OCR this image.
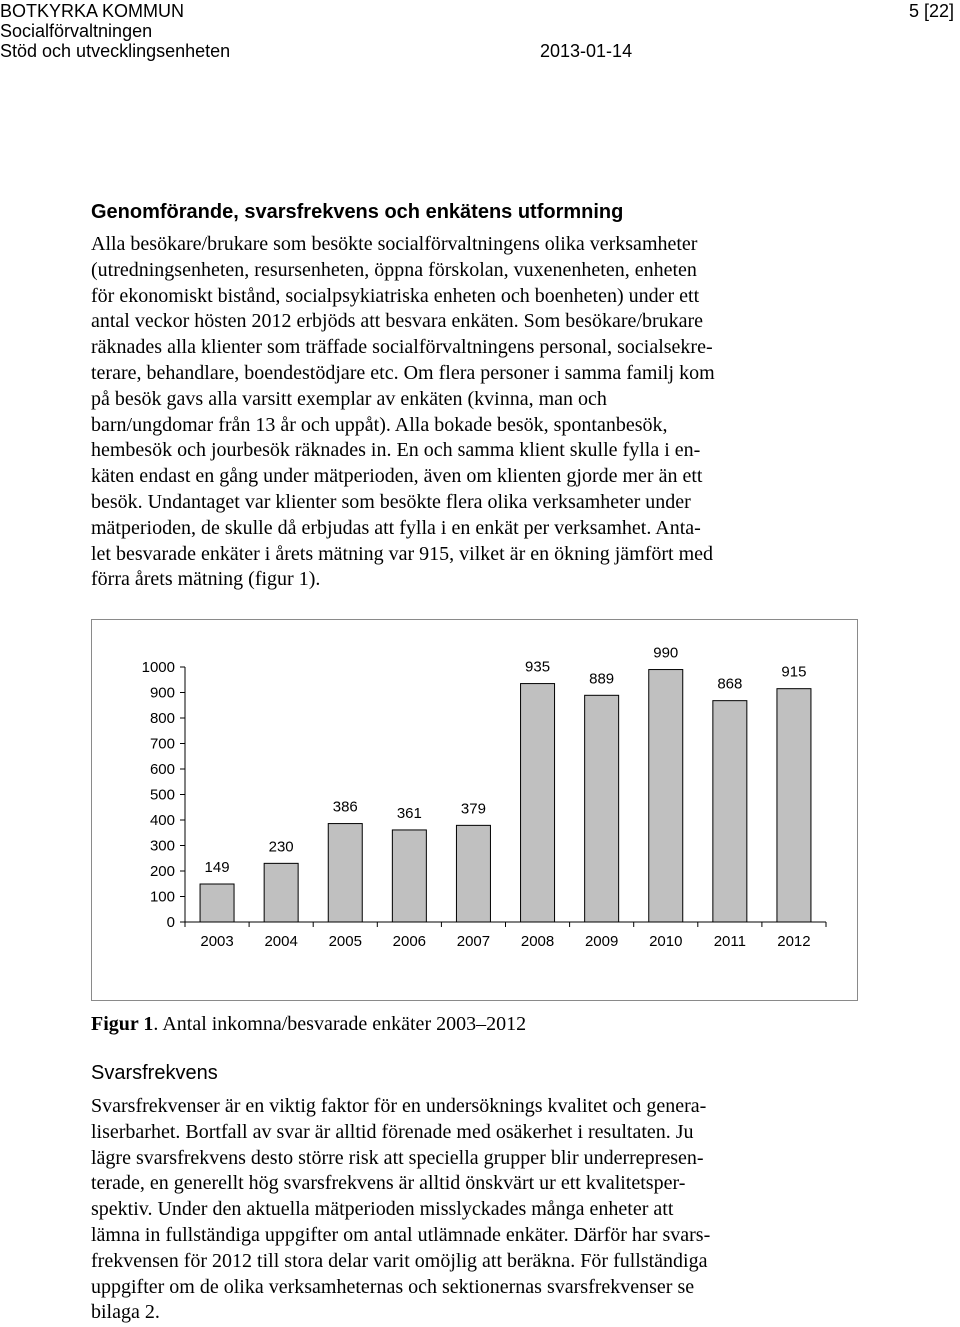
BOTKYRKA KOMMUN
Socialförvaltningen
Stöd och utvecklingsenheten	2013-01-14
5 [22]
Genomförande, svarsfrekvens och enkätens utformning
Alla besökare/brukare som besökte socialförvaltningens olika verksamheter
(utredningsenheten, resursenheten, öppna förskolan, vuxenenheten, enheten
för ekonomiskt bistånd, socialpsykiatriska enheten och boenheten) under ett
antal veckor hösten 2012 erbjöds att besvara enkäten. Som besökare/brukare
räknades alla klienter som träffade socialförvaltningens personal, socialsekre-
terare, behandlare, boendestödjare etc. Om flera personer i samma familj kom
på besök gavs alla varsitt exemplar av enkäten (kvinna, man och
barn/ungdomar från 13 år och uppåt). Alla bokade besök, spontanbesök,
hembesök och jourbesök räknades in. En och samma klient skulle fylla i en-
käten endast en gång under mätperioden, även om klienten gjorde mer än ett
besök. Undantaget var klienter som besökte flera olika verksamheter under
mätperioden, de skulle då erbjudas att fylla i en enkät per verksamhet. Anta-
let besvarade enkäter i årets mätning var 915, vilket är en ökning jämfört med
förra årets mätning (figur 1).
0
100
200
300
400
500
600
700
800
900
1000
149
2003
230
2004
386
2005
361
2006
379
2007
935
2008
889
2009
990
2010
868
2011
915
2012
Figur 1. Antal inkomna/besvarade enkäter 2003–2012
Svarsfrekvens
Svarsfrekvenser är en viktig faktor för en undersöknings kvalitet och genera-
liserbarhet. Bortfall av svar är alltid förenade med osäkerhet i resultaten. Ju
lägre svarsfrekvens desto större risk att speciella grupper blir underrepresen-
terade, en generellt hög svarsfrekvens är alltid önskvärt ur ett kvalitetsper-
spektiv. Under den aktuella mätperioden misslyckades många enheter att
lämna in fullständiga uppgifter om antal utlämnade enkäter. Därför har svars-
frekvensen för 2012 till stora delar varit omöjlig att beräkna. För fullständiga
uppgifter om de olika verksamheternas och sektionernas svarsfrekvenser se
bilaga 2.
